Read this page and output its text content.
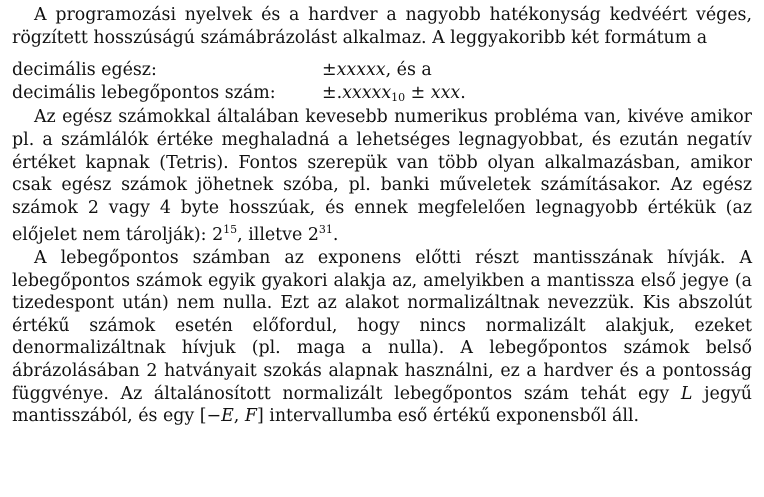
A programozási nyelvek és a hardver a nagyobb hatékonyság kedvéért véges, rögzített hosszúságú számábrázolást alkalmaz. A leggyakoribb két formátum a

decimális egész:	±xxxxx, és a
decimális lebegőpontos szám:	±.xxxxx$_{10}$ ± xxx.

Az egész számokkal általában kevesebb numerikus probléma van, kivéve amikor pl. a számlálók értéke meghaladná a lehetséges legnagyobbat, és ezután negatív értéket kapnak (Tetris). Fontos szerepük van több olyan alkalmazásban, amikor csak egész számok jöhetnek szóba, pl. banki műveletek számításakor. Az egész számok 2 vagy 4 byte hosszúak, és ennek megfelelően legnagyobb értékük (az előjelet nem tárolják): $2^{15}$, illetve $2^{31}$.

A lebegőpontos számban az exponens előtti részt mantisszának hívják. A lebegőpontos számok egyik gyakori alakja az, amelyikben a mantissza első jegye (a tizedespont után) nem nulla. Ezt az alakot normalizáltnak nevezzük. Kis abszolút értékű számok esetén előfordul, hogy nincs normalizált alakjuk, ezeket denormalizáltnak hívjuk (pl. maga a nulla). A lebegőpontos számok belső ábrázolásában 2 hatványait szokás alapnak használni, ez a hardver és a pontosság függvénye. Az általánosított normalizált lebegőpontos szám tehát egy L jegyű mantisszából, és egy [−E, F] intervallumba eső értékű exponensből áll.
